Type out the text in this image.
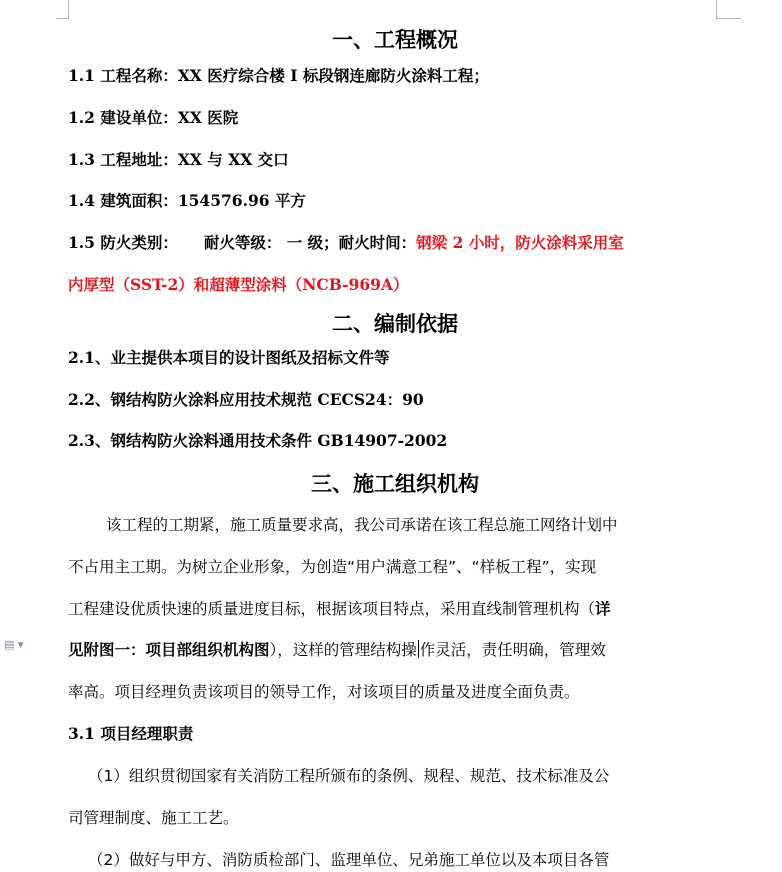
▤ ▾
一、工程概况
1.1 工程名称：XX 医疗综合楼 I 标段钢连廊防火涂料工程；
1.2 建设单位：XX 医院
1.3 工程地址：XX 与 XX 交口
1.4 建筑面积：154576.96 平方
1.5 防火类别： 耐火等级： 一 级；耐火时间：钢梁 2 小时，防火涂料采用室
内厚型（SST-2）和超薄型涂料（NCB-969A）
二、编制依据
2.1、业主提供本项目的设计图纸及招标文件等
2.2、钢结构防火涂料应用技术规范 CECS24：90
2.3、钢结构防火涂料通用技术条件 GB14907-2002
三、施工组织机构
该工程的工期紧，施工质量要求高，我公司承诺在该工程总施工网络计划中
不占用主工期。为树立企业形象，为创造“用户满意工程”、“样板工程”，实现
工程建设优质快速的质量进度目标，根据该项目特点，采用直线制管理机构（详
见附图一：项目部组织机构图），这样的管理结构操 作灵活，责任明确，管理效
率高。项目经理负责该项目的领导工作，对该项目的质量及进度全面负责。
3.1 项目经理职责
（1）组织贯彻国家有关消防工程所颁布的条例、规程、规范、技术标准及公
司管理制度、施工工艺。
（2）做好与甲方、消防质检部门、监理单位、兄弟施工单位以及本项目各管
